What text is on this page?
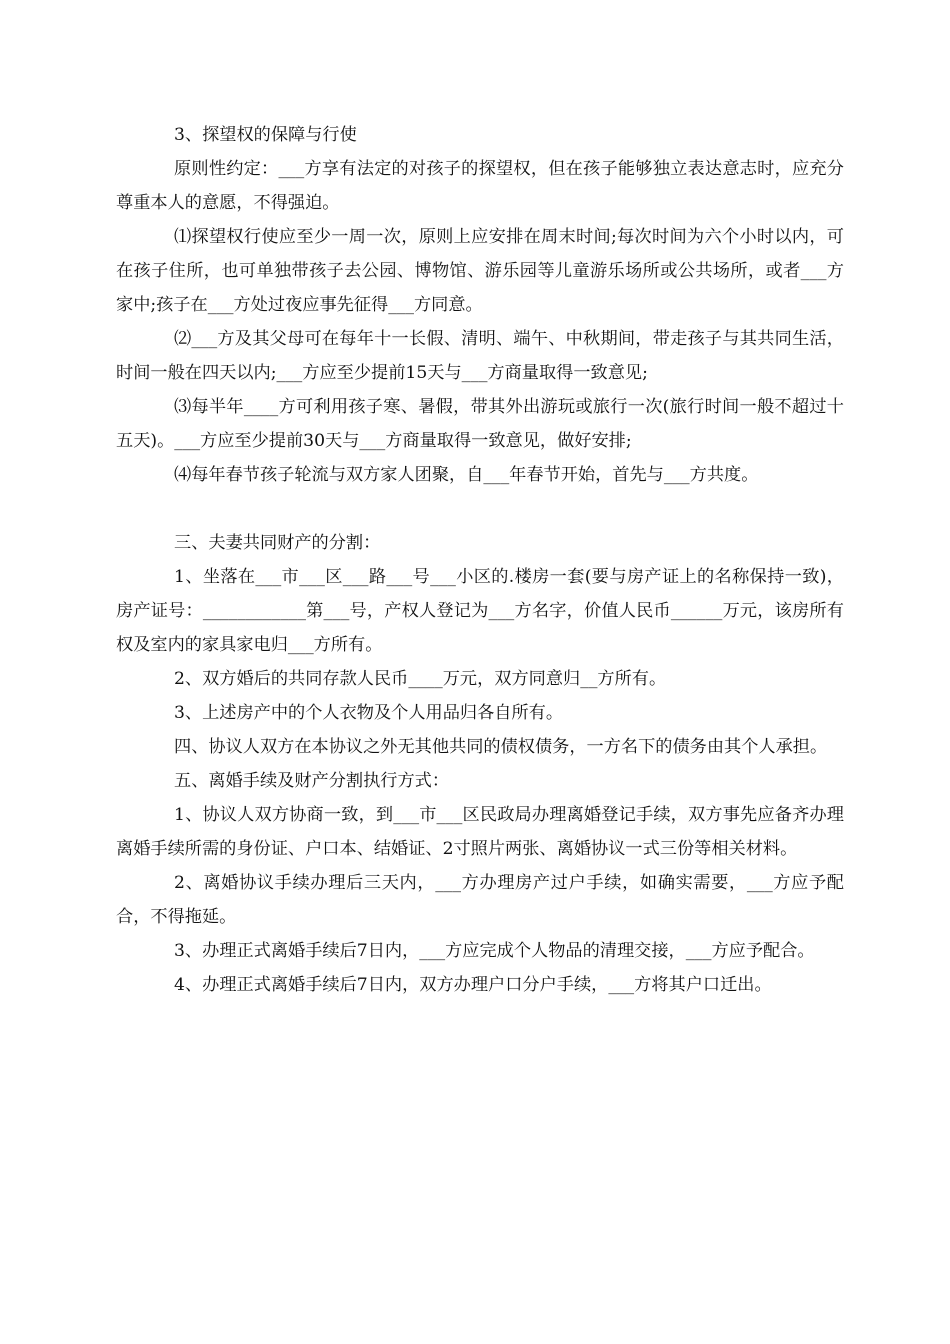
3、探望权的保障与行使

原则性约定：___方享有法定的对孩子的探望权，但在孩子能够独立表达意志时，应充分尊重本人的意愿，不得强迫。

⑴探望权行使应至少一周一次，原则上应安排在周末时间;每次时间为六个小时以内，可在孩子住所，也可单独带孩子去公园、博物馆、游乐园等儿童游乐场所或公共场所，或者___方家中;孩子在___方处过夜应事先征得___方同意。

⑵___方及其父母可在每年十一长假、清明、端午、中秋期间，带走孩子与其共同生活，时间一般在四天以内;___方应至少提前15天与___方商量取得一致意见;

⑶每半年____方可利用孩子寒、暑假，带其外出游玩或旅行一次(旅行时间一般不超过十五天)。___方应至少提前30天与___方商量取得一致意见，做好安排;

⑷每年春节孩子轮流与双方家人团聚，自___年春节开始，首先与___方共度。

三、夫妻共同财产的分割：

1、坐落在___市___区___路___号___小区的.楼房一套(要与房产证上的名称保持一致)，房产证号：____________第___号，产权人登记为___方名字，价值人民币______万元，该房所有权及室内的家具家电归___方所有。

2、双方婚后的共同存款人民币____万元，双方同意归__方所有。

3、上述房产中的个人衣物及个人用品归各自所有。

四、协议人双方在本协议之外无其他共同的债权债务，一方名下的债务由其个人承担。

五、离婚手续及财产分割执行方式：

1、协议人双方协商一致，到___市___区民政局办理离婚登记手续，双方事先应备齐办理离婚手续所需的身份证、户口本、结婚证、2寸照片两张、离婚协议一式三份等相关材料。

2、离婚协议手续办理后三天内，___方办理房产过户手续，如确实需要，___方应予配合，不得拖延。

3、办理正式离婚手续后7日内，___方应完成个人物品的清理交接，___方应予配合。

4、办理正式离婚手续后7日内，双方办理户口分户手续，___方将其户口迁出。
